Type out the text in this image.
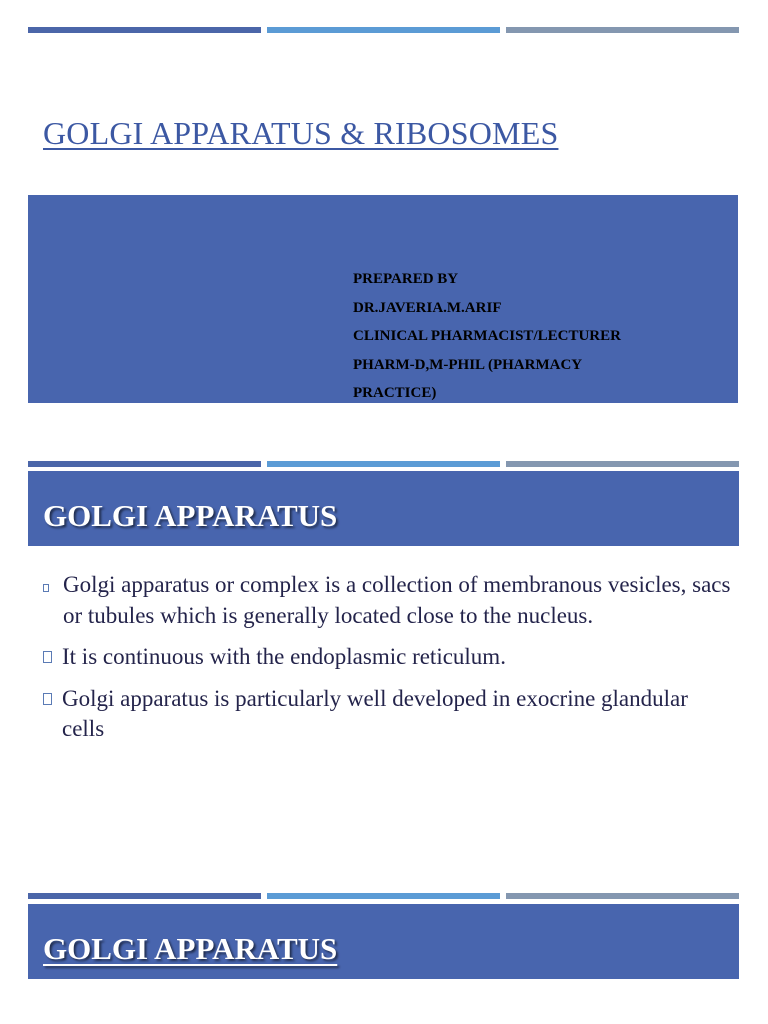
GOLGI APPARATUS & RIBOSOMES
PREPARED BY
DR.JAVERIA.M.ARIF
CLINICAL PHARMACIST/LECTURER
PHARM-D,M-PHIL (PHARMACY
PRACTICE)
GOLGI APPARATUS
Golgi apparatus or complex is a collection of membranous vesicles, sacs or tubules which is generally located close to the nucleus.
It is continuous with the endoplasmic reticulum.
Golgi apparatus is particularly well developed in exocrine glandular cells
GOLGI APPARATUS
